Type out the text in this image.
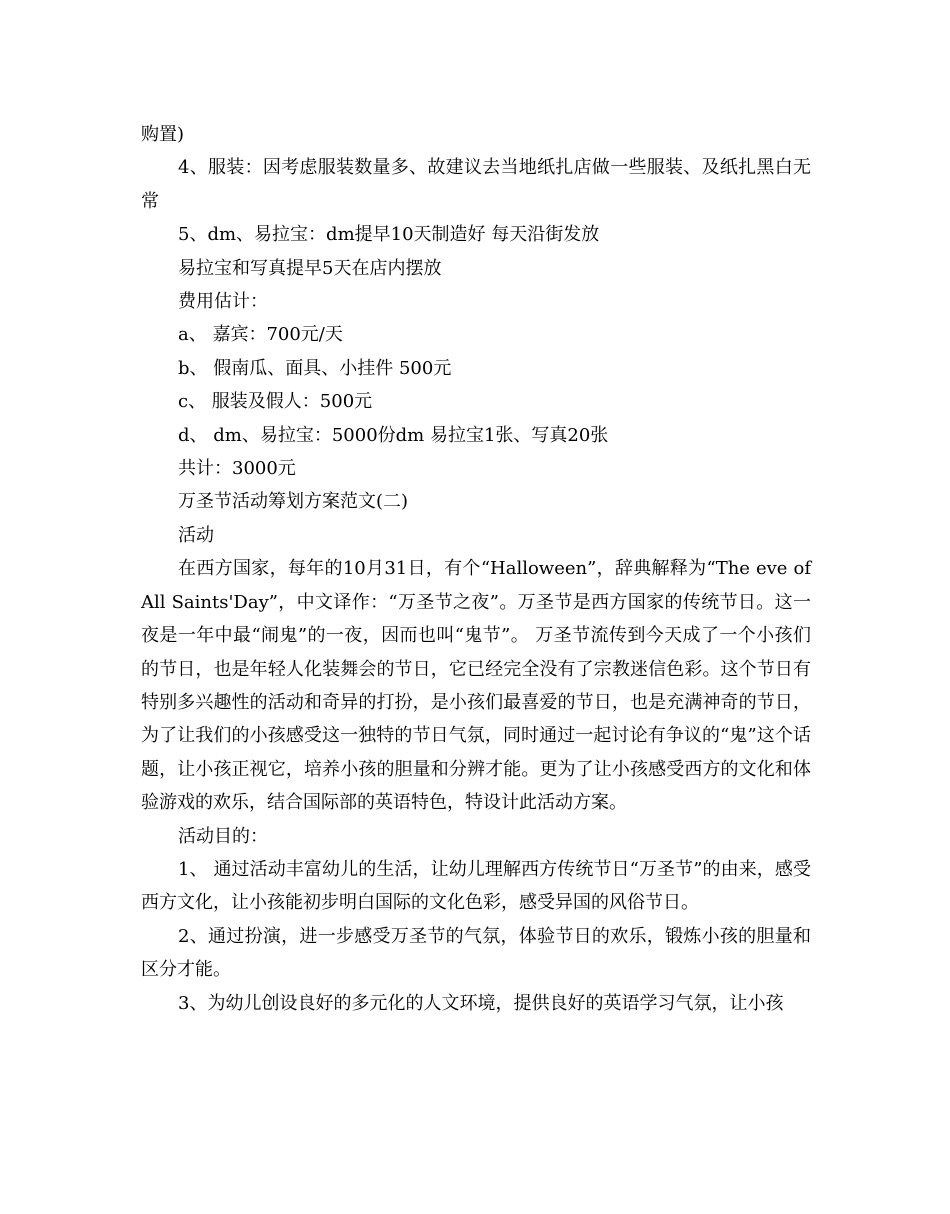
购置)

4、服装：因考虑服装数量多、故建议去当地纸扎店做一些服装、及纸扎黑白无常

5、dm、易拉宝：dm提早10天制造好 每天沿街发放

易拉宝和写真提早5天在店内摆放

费用估计：

a、 嘉宾：700元/天

b、 假南瓜、面具、小挂件 500元

c、 服装及假人：500元

d、 dm、易拉宝：5000份dm 易拉宝1张、写真20张

共计：3000元

万圣节活动筹划方案范文(二)

活动

在西方国家，每年的10月31日，有个“Halloween”，辞典解释为“The eve of All Saints'Day”，中文译作：“万圣节之夜”。万圣节是西方国家的传统节日。这一夜是一年中最“闹鬼”的一夜，因而也叫“鬼节”。 万圣节流传到今天成了一个小孩们的节日，也是年轻人化装舞会的节日，它已经完全没有了宗教迷信色彩。这个节日有特别多兴趣性的活动和奇异的打扮，是小孩们最喜爱的节日，也是充满神奇的节日，为了让我们的小孩感受这一独特的节日气氛，同时通过一起讨论有争议的“鬼”这个话题，让小孩正视它，培养小孩的胆量和分辨才能。更为了让小孩感受西方的文化和体验游戏的欢乐，结合国际部的英语特色，特设计此活动方案。

活动目的：

1、 通过活动丰富幼儿的生活，让幼儿理解西方传统节日“万圣节”的由来，感受西方文化，让小孩能初步明白国际的文化色彩，感受异国的风俗节日。

2、通过扮演，进一步感受万圣节的气氛，体验节日的欢乐，锻炼小孩的胆量和区分才能。

3、为幼儿创设良好的多元化的人文环境，提供良好的英语学习气氛，让小孩
